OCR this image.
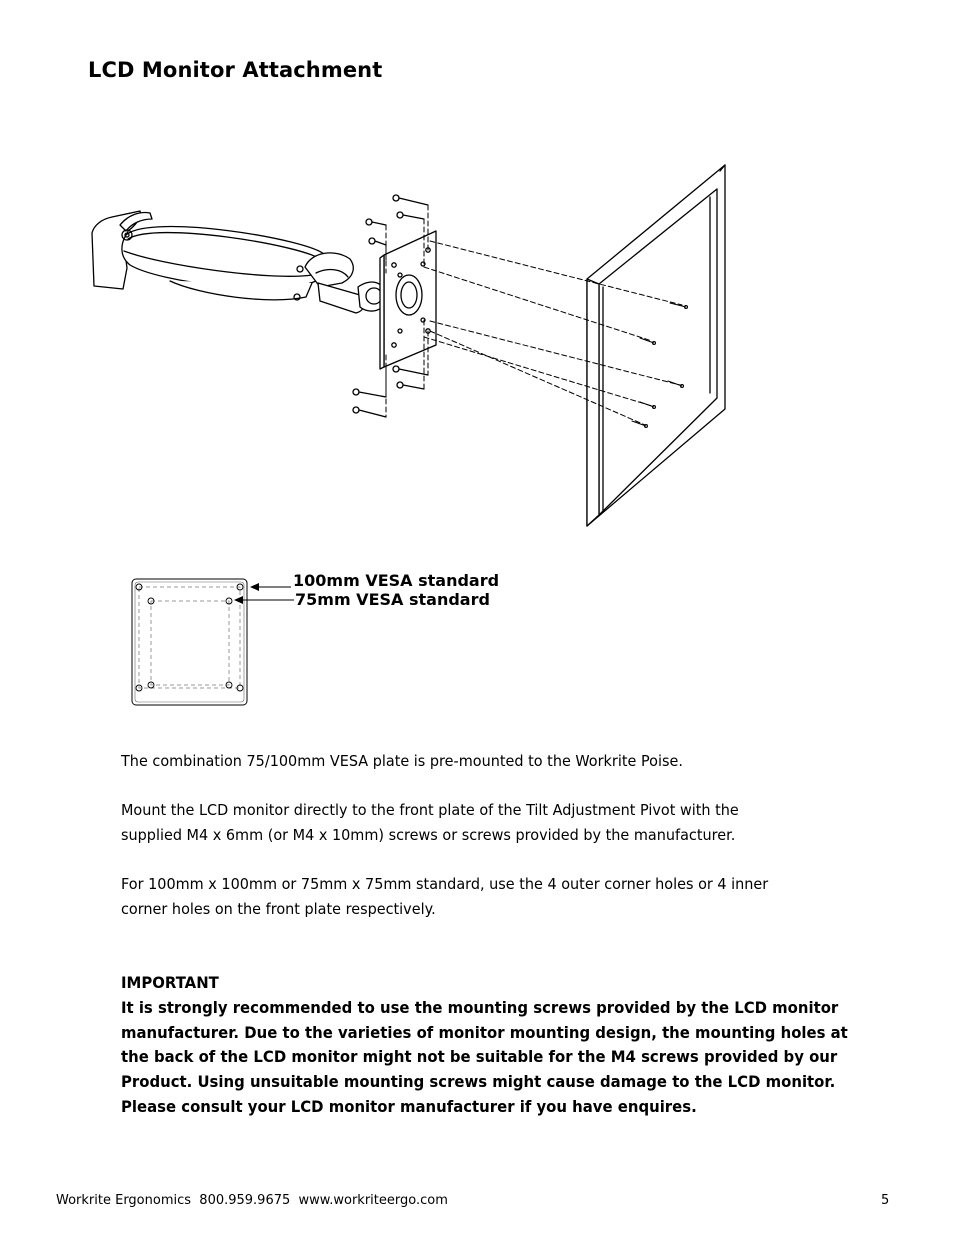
LCD Monitor Attachment
100mm VESA standard
75mm VESA standard
The combination 75/100mm VESA plate is pre-mounted to the Workrite Poise.
Mount the LCD monitor directly to the front plate of the Tilt Adjustment Pivot with the supplied M4 x 6mm (or M4 x 10mm) screws or screws provided by the manufacturer.
For 100mm x 100mm or 75mm x 75mm standard, use the 4 outer corner holes or 4 inner corner holes on the front plate respectively.
IMPORTANT
It is strongly recommended to use the mounting screws provided by the LCD monitor
manufacturer. Due to the varieties of monitor mounting design, the mounting holes at
the back of the LCD monitor might not be suitable for the M4 screws provided by our
Product. Using unsuitable mounting screws might cause damage to the LCD monitor.
Please consult your LCD monitor manufacturer if you have enquires.
Workrite Ergonomics  800.959.9675  www.workriteergo.com	5
